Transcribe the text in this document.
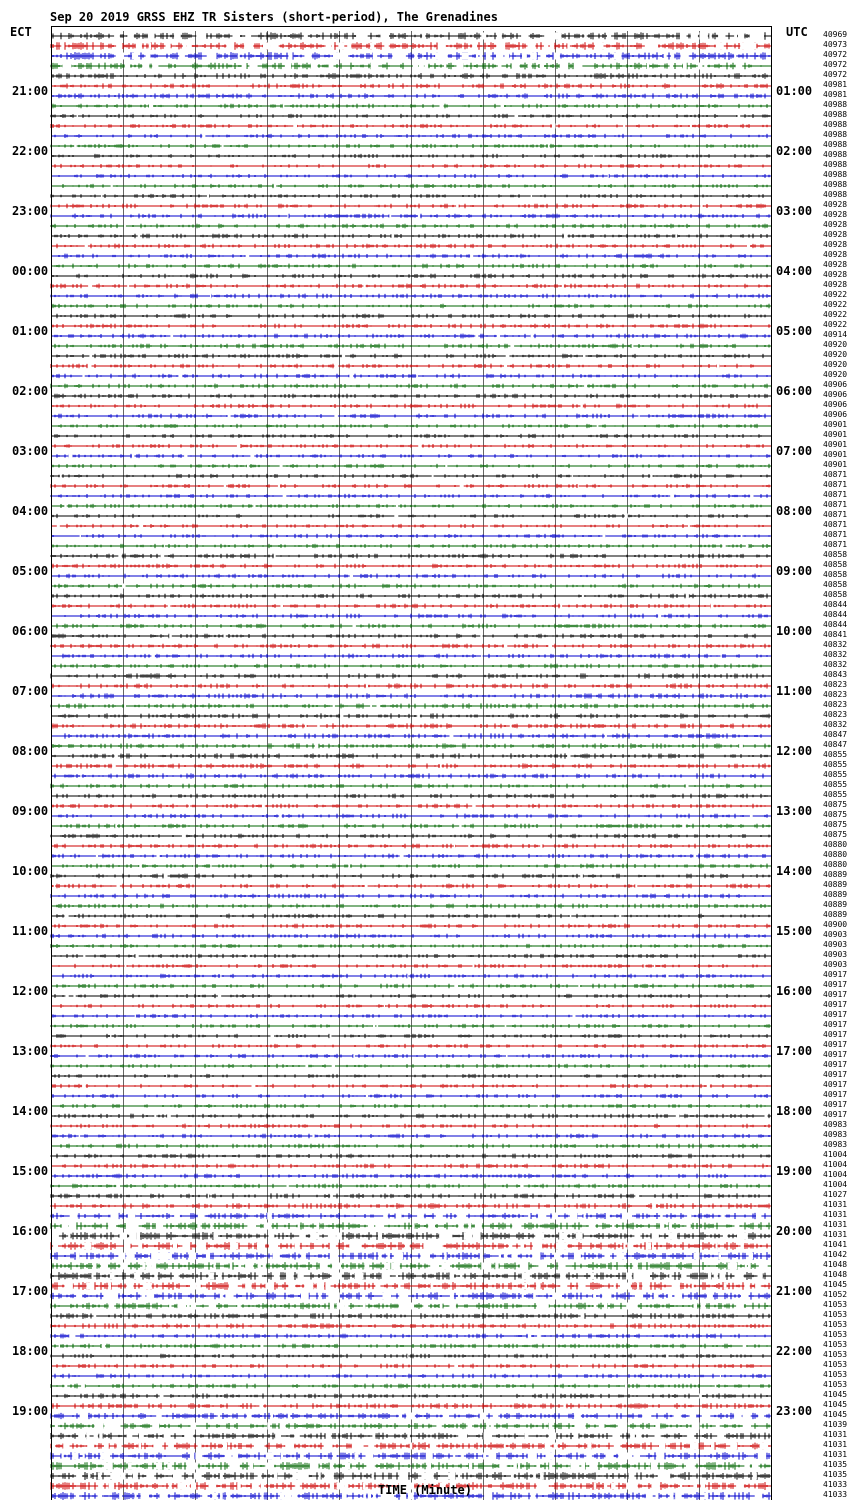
Sep 20 2019 GRSS EHZ TR Sisters (short-period), The Grenadines
ECT	UTC
21:00
22:00
23:00
00:00
01:00
02:00
03:00
04:00
05:00
06:00
07:00
08:00
09:00
10:00
11:00
12:00
13:00
14:00
15:00
16:00
17:00
18:00
19:00
01:00
02:00
03:00
04:00
05:00
06:00
07:00
08:00
09:00
10:00
11:00
12:00
13:00
14:00
15:00
16:00
17:00
18:00
19:00
20:00
21:00
22:00
23:00
40969
40973
40972
40972
40972
40981
40981
40988
40988
40988
40988
40988
40988
40988
40988
40988
40988
40928
40928
40928
40928
40928
40928
40928
40928
40928
40922
40922
40922
40922
40914
40920
40920
40920
40920
40906
40906
40906
40906
40901
40901
40901
40901
40901
40871
40871
40871
40871
40871
40871
40871
40871
40858
40858
40858
40858
40858
40844
40844
40844
40841
40832
40832
40832
40843
40823
40823
40823
40823
40832
40847
40847
40855
40855
40855
40855
40855
40875
40875
40875
40875
40880
40880
40880
40889
40889
40889
40889
40889
40900
40903
40903
40903
40903
40917
40917
40917
40917
40917
40917
40917
40917
40917
40917
40917
40917
40917
40917
40917
40983
40983
40983
41004
41004
41004
41004
41027
41031
41031
41031
41031
41041
41042
41048
41048
41045
41052
41053
41053
41053
41053
41053
41053
41053
41053
41053
41045
41045
41045
41039
41031
41031
41031
41035
41035
41033
41033
TIME (Minute)
